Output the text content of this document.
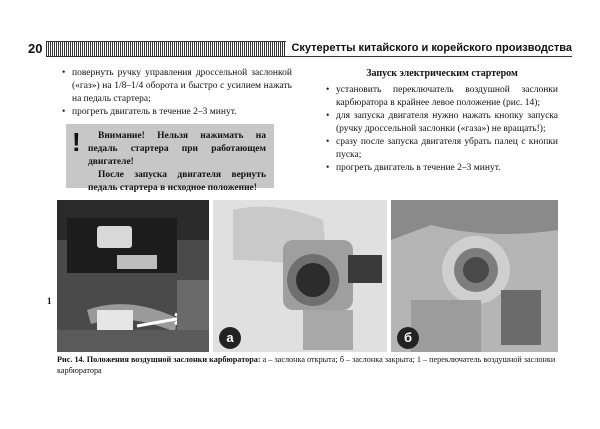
20	Скутеретты китайского и корейского производства
• повернуть ручку управления дроссельной заслонкой («газ») на 1/8–1/4 оборота и быстро с усилием нажать на педаль стартера;
• прогреть двигатель в течение 2–3 минут.
!	Внимание! Нельзя нажимать на педаль стартера при работающем двигателе!

После запуска двигателя вернуть педаль стартера в исходное положение!

Запуск электрическим стартером
• установить переключатель воздушной заслонки карбюратора в крайнее левое положение (рис. 14);
• для запуска двигателя нужно нажать кнопку запуска (ручку дроссельной заслонки («газа») не вращать!);
• сразу после запуска двигателя убрать палец с кнопки пуска;
• прогреть двигатель в течение 2–3 минут.
1
а	б
Рис. 14. Положения воздушной заслонки карбюратора: а – заслонка открыта; б – заслонка закрыта; 1 – переключатель воздушной заслонки карбюратора
